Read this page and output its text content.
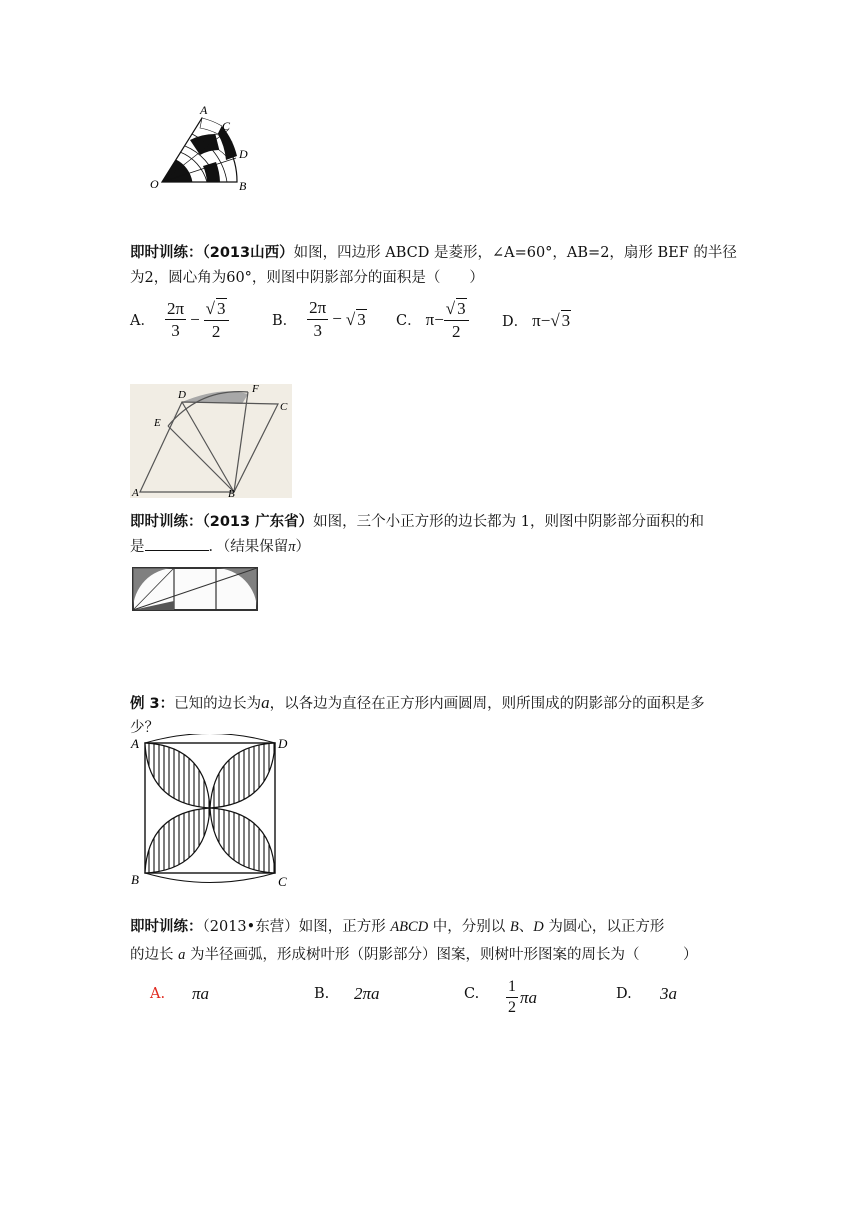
A
C
D
O	B
即时训练：（2013山西）如图，四边形 ABCD 是菱形，∠A=60°，AB=2，扇形 BEF 的半径
为2，圆心角为60°，则图中阴影部分的面积是（　　）
A． $\frac{2\pi}{3} - \frac{√ 3}{2}$	B． $\frac{2\pi}{3}$ − √ 3 C． $\pi- \frac{√ 3}{2}$ D． π− √ 3
D	F
C
E
A	B
即时训练：（2013 广东省）如图，三个小正方形的边长都为 1，则图中阴影部分面积的和
是	．（结果保留π）
例 3：已知的边长为a，以各边为直径在正方形内画圆周，则所围成的阴影部分的面积是多
少？
A	D
B	C
即时训练：（2013•东营）如图，正方形 ABCD 中，分别以 B、D 为圆心，以正方形
的边长 a 为半径画弧，形成树叶形（阴影部分）图案，则树叶形图案的周长为（　　　）
A. πa	B. 2πa	C. $\frac{1}{2}$ πa	D. 3a
